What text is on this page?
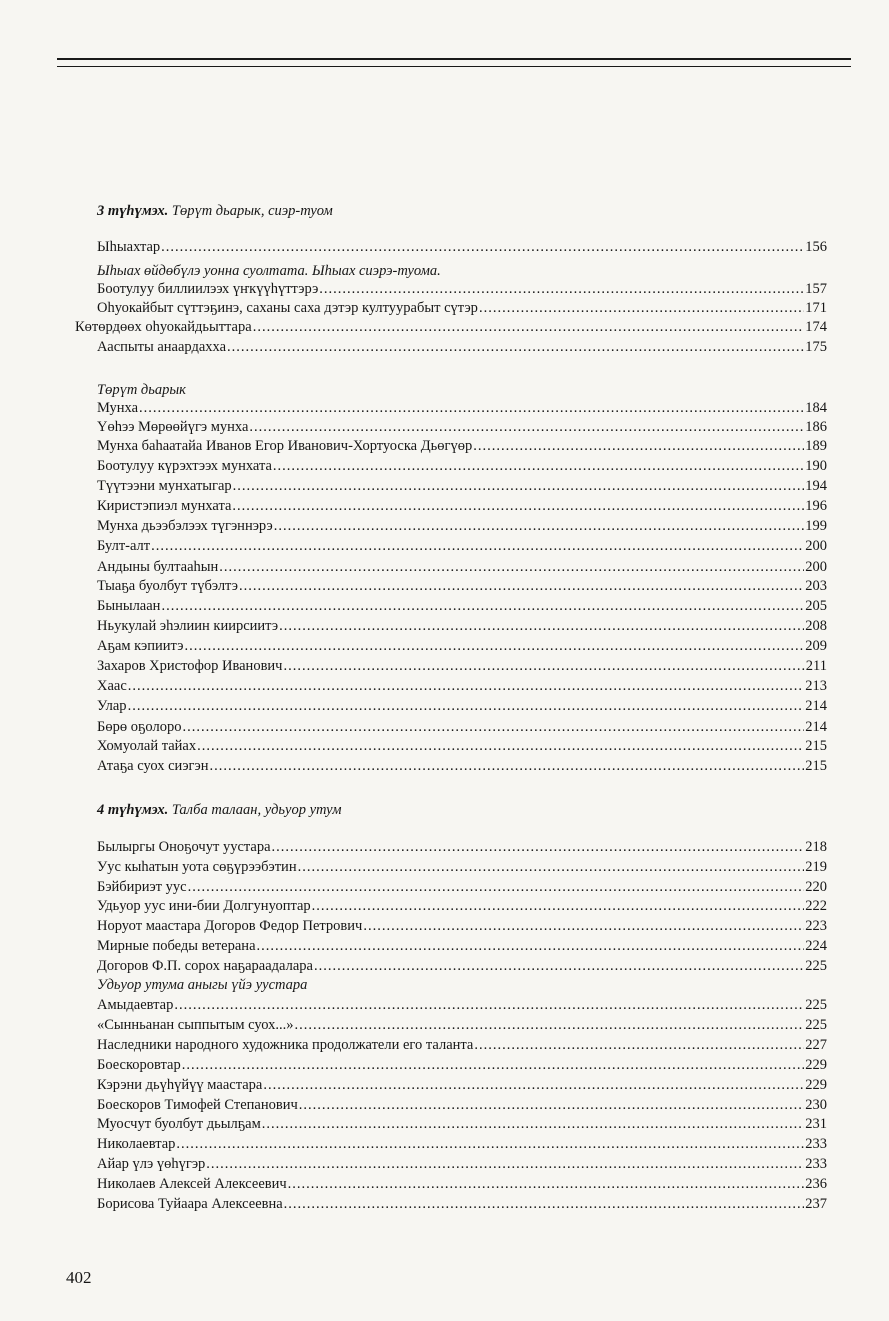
3 түһүмэх. Төрүт дьарык, сиэр-туом
Ыһыахтар .....	156
Ыһыах өйдөбүлэ уонна суолтата. Ыһыах сиэрэ-туома.
Боотулуу биллиилээх үҥкүүһүттэрэ .....	157
Оһуокайбыт сүттэҕинэ, саханы саха дэтэр култуурабыт сүтэр .....	171
Көтөрдөөх оһуокайдьыттара .....	174
Ааспыты анаардахха .....	175
Төрүт дьарык
Мунха .....	184
Үөһээ Мөрөөйүгэ мунха .....	186
Мунха баһаатайа Иванов Егор Иванович-Хортуоска Дьөгүөр .....	189
Боотулуу күрэхтээх мунхата .....	190
Түүтээни мунхатыгар .....	194
Киристэпиэл мунхата .....	196
Мунха дьээбэлээх түгэннэрэ .....	199
Булт-алт .....	200
Андыны бултааһын .....	200
Тыаҕа буолбут түбэлтэ .....	203
Бынылаан .....	205
Ньукулай эһэлиин киирсиитэ .....	208
Аҕам кэпиитэ .....	209
Захаров Христофор Иванович .....	211
Хаас .....	213
Улар .....	214
Бөрө оҕолоро .....	214
Хомуолай тайах .....	215
Атаҕа суох сиэгэн .....	215
4 түһүмэх. Талба талаан, удьуор утум
Былыргы Оноҕочут уустара .....	218
Уус кыһатын уота сөҕүрээбэтин .....	219
Бэйбириэт уус .....	220
Удьуор уус ини-бии Долгунуоптар .....	222
Норуот маастара Догоров Федор Петрович .....	223
Мирные победы ветерана .....	224
Догоров Ф.П. сорох наҕараадалара .....	225
Удьуор утума аныгы үйэ уустара
Амыдаевтар .....	225
«Сынньанан сыппытым суох...» .....	225
Наследники народного художника продолжатели его таланта .....	227
Боескоровтар .....	229
Кэрэни дьүһүйүү маастара .....	229
Боескоров Тимофей Степанович .....	230
Муосчут буолбут дьылҕам .....	231
Николаевтар .....	233
Айар үлэ үөһүгэр .....	233
Николаев Алексей Алексеевич .....	236
Борисова Туйаара Алексеевна .....	237
402
